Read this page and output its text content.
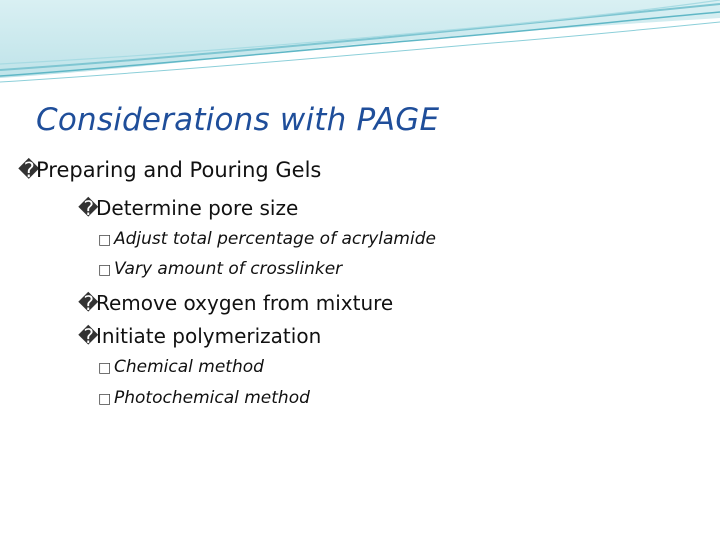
Considerations with PAGE
�
Preparing and Pouring Gels
�
Determine pore size
□ Adjust total percentage of acrylamide
□ Vary amount of crosslinker
�
Remove oxygen from mixture
�
Initiate polymerization
□ Chemical method
□ Photochemical method
